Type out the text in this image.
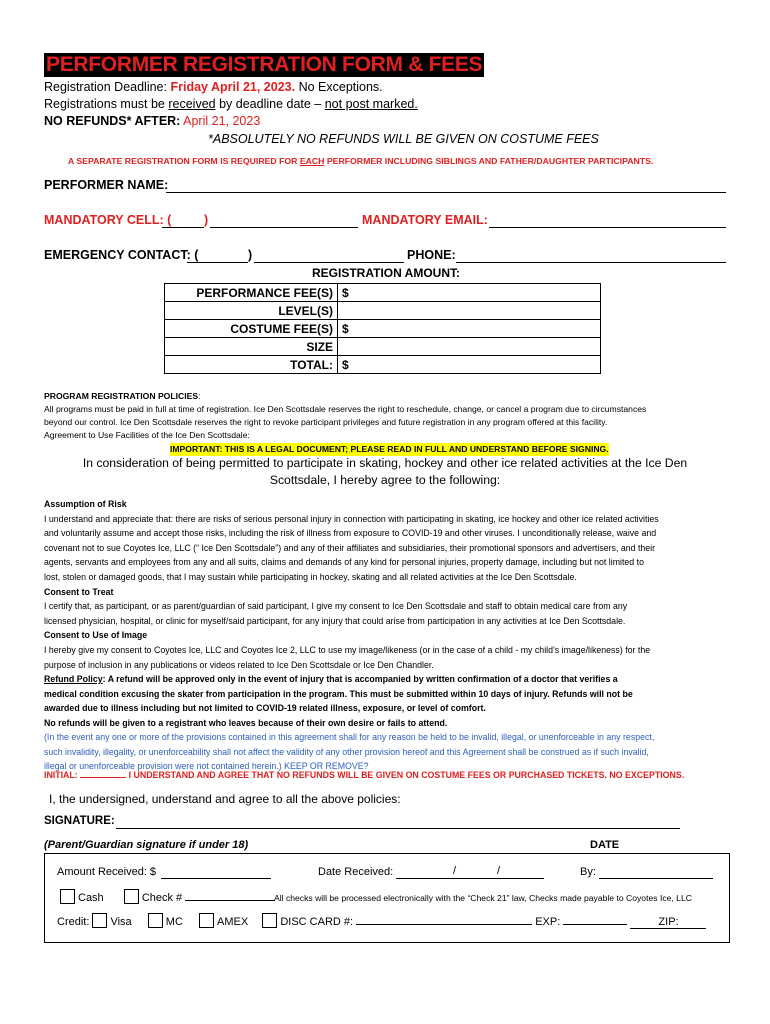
PERFORMER REGISTRATION FORM & FEES
Registration Deadline: Friday April 21, 2023. No Exceptions.
Registrations must be received by deadline date – not post marked.
NO REFUNDS* AFTER: April 21, 2023
*ABSOLUTELY NO REFUNDS WILL BE GIVEN ON COSTUME FEES
A SEPARATE REGISTRATION FORM IS REQUIRED FOR EACH PERFORMER INCLUDING SIBLINGS AND FATHER/DAUGHTER PARTICIPANTS.
PERFORMER NAME:
MANDATORY CELL: (	)	MANDATORY EMAIL:
EMERGENCY CONTACT: (	)	PHONE:
REGISTRATION AMOUNT:
PERFORMANCE FEE(S)	$
LEVEL(S)	
COSTUME FEE(S)	$
SIZE	
TOTAL:	$
PROGRAM REGISTRATION POLICIES:
All programs must be paid in full at time of registration. Ice Den Scottsdale reserves the right to reschedule, change, or cancel a program due to circumstances
beyond our control. Ice Den Scottsdale reserves the right to revoke participant privileges and future registration in any program offered at this facility.
Agreement to Use Facilities of the Ice Den Scottsdale:
IMPORTANT: THIS IS A LEGAL DOCUMENT; PLEASE READ IN FULL AND UNDERSTAND BEFORE SIGNING.
In consideration of being permitted to participate in skating, hockey and other ice related activities at the Ice Den
Scottsdale, I hereby agree to the following:
Assumption of Risk
I understand and appreciate that: there are risks of serious personal injury in connection with participating in skating, ice hockey and other ice related activities
and voluntarily assume and accept those risks, including the risk of illness from exposure to COVID-19 and other viruses. I unconditionally release, waive and
covenant not to sue Coyotes Ice, LLC (“ Ice Den Scottsdale”) and any of their affiliates and subsidiaries, their promotional sponsors and advertisers, and their
agents, servants and employees from any and all suits, claims and demands of any kind for personal injuries, property damage, including but not limited to
lost, stolen or damaged goods, that I may sustain while participating in hockey, skating and all related activities at the Ice Den Scottsdale.
Consent to Treat
I certify that, as participant, or as parent/guardian of said participant, I give my consent to Ice Den Scottsdale and staff to obtain medical care from any
licensed physician, hospital, or clinic for myself/said participant, for any injury that could arise from participation in any activities at Ice Den Scottsdale.
Consent to Use of Image
I hereby give my consent to Coyotes Ice, LLC and Coyotes Ice 2, LLC to use my image/likeness (or in the case of a child - my child’s image/likeness) for the
purpose of inclusion in any publications or videos related to Ice Den Scottsdale or Ice Den Chandler.
Refund Policy: A refund will be approved only in the event of injury that is accompanied by written confirmation of a doctor that verifies a
medical condition excusing the skater from participation in the program. This must be submitted within 10 days of injury. Refunds will not be
awarded due to illness including but not limited to COVID-19 related illness, exposure, or level of comfort.
No refunds will be given to a registrant who leaves because of their own desire or fails to attend.
(In the event any one or more of the provisions contained in this agreement shall for any reason be held to be invalid, illegal, or unenforceable in any respect,
such invalidity, illegality, or unenforceability shall not affect the validity of any other provision hereof and this Agreement shall be construed as if such invalid,
illegal or unenforceable provision were not contained herein.) KEEP OR REMOVE?
INITIAL:	I UNDERSTAND AND AGREE THAT NO REFUNDS WILL BE GIVEN ON COSTUME FEES OR PURCHASED TICKETS. NO EXCEPTIONS.
I, the undersigned, understand and agree to all the above policies:
SIGNATURE:
(Parent/Guardian signature if under 18)	DATE
Amount Received: $	Date Received:	/	/	By:
Cash	Check #	All checks will be processed electronically with the “Check 21” law, Checks made payable to Coyotes Ice, LLC
Credit: Visa	MC	AMEX	DISC CARD #:	EXP:	ZIP:
